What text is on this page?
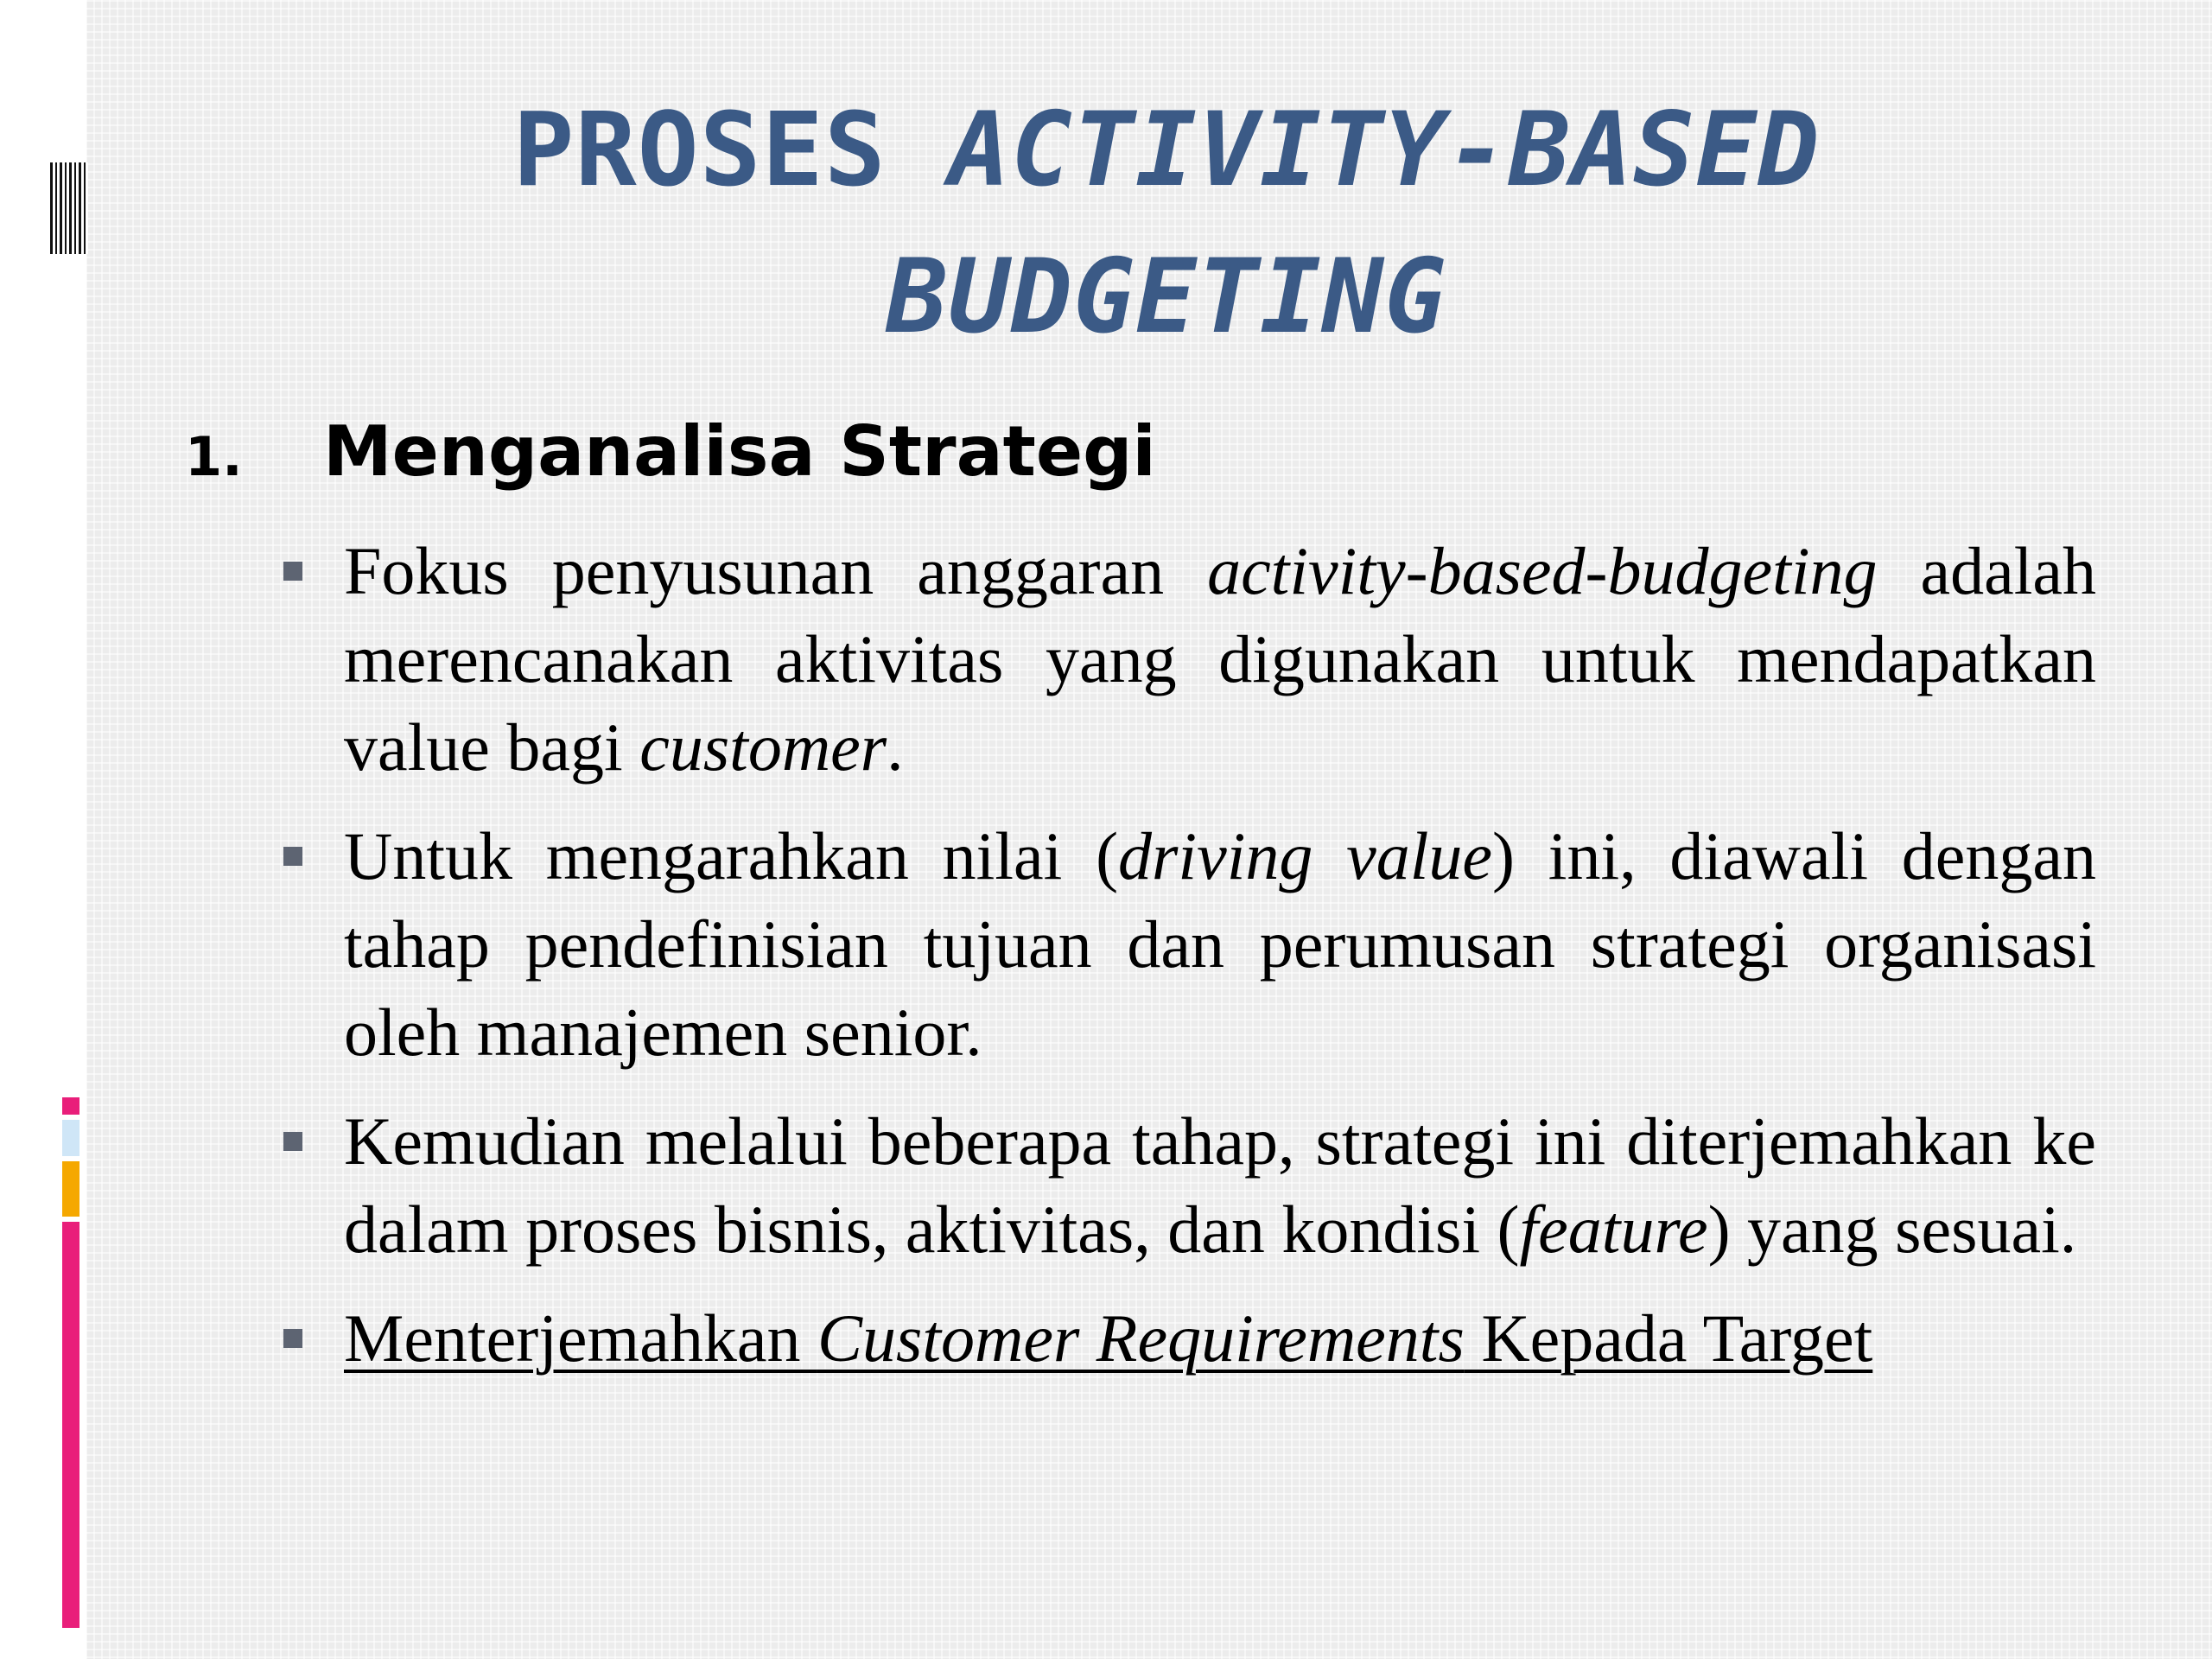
PROSES ACTIVITY-BASED
BUDGETING
1. Menganalisa Strategi
Fokus penyusunan anggaran activity-based-budgeting adalah merencanakan aktivitas yang digunakan untuk mendapatkan value bagi customer.
Untuk mengarahkan nilai (driving value) ini, diawali dengan tahap pendefinisian tujuan dan perumusan strategi organisasi oleh manajemen senior.
Kemudian melalui beberapa tahap, strategi ini diterjemahkan ke dalam proses bisnis, aktivitas, dan kondisi (feature) yang sesuai.
Menterjemahkan Customer Requirements Kepada Target
